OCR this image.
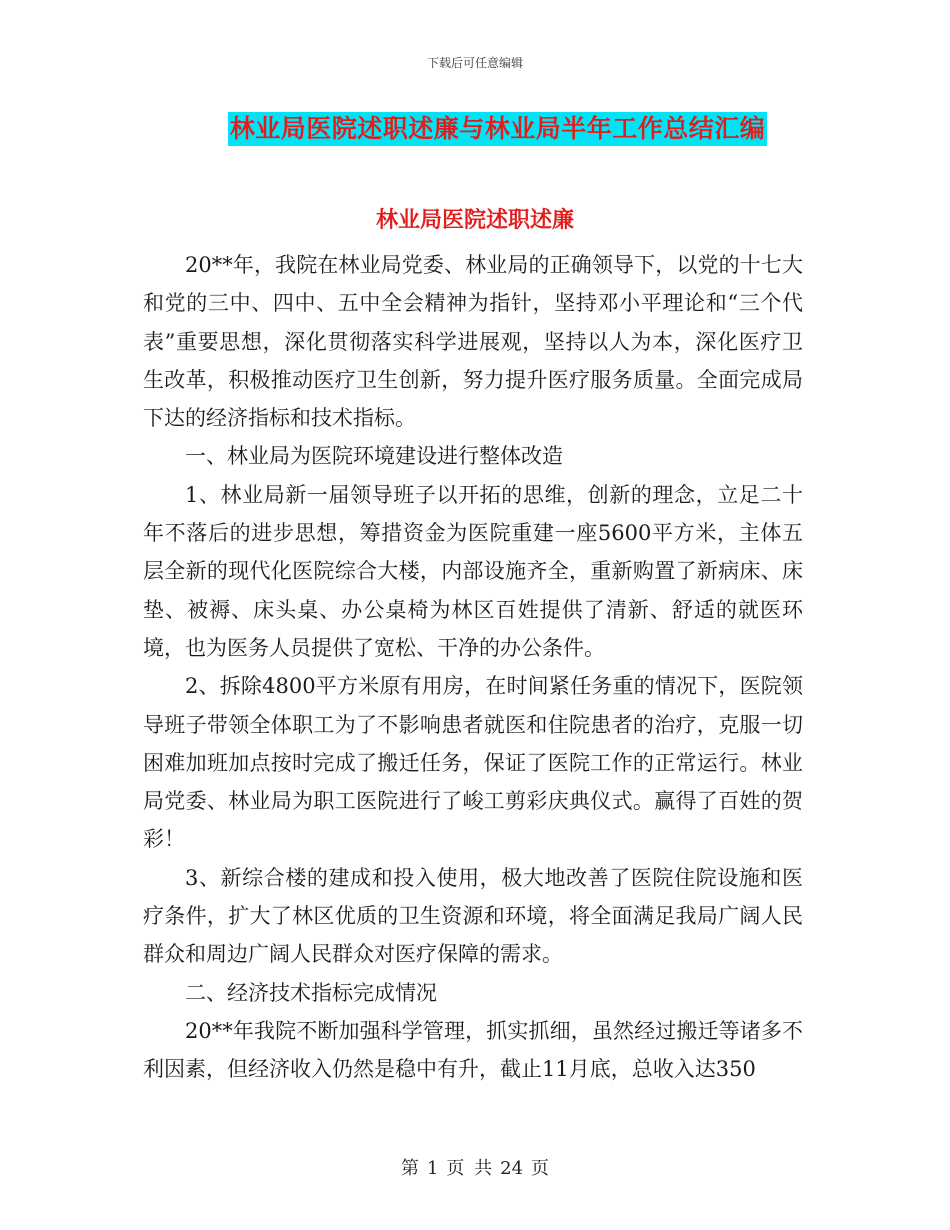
下载后可任意编辑
林业局医院述职述廉与林业局半年工作总结汇编
林业局医院述职述廉

20**年，我院在林业局党委、林业局的正确领导下，以党的十七大和党的三中、四中、五中全会精神为指针，坚持邓小平理论和“三个代表”重要思想，深化贯彻落实科学进展观，坚持以人为本，深化医疗卫生改革，积极推动医疗卫生创新，努力提升医疗服务质量。全面完成局下达的经济指标和技术指标。

一、林业局为医院环境建设进行整体改造

1、林业局新一届领导班子以开拓的思维，创新的理念，立足二十年不落后的进步思想，筹措资金为医院重建一座5600平方米，主体五层全新的现代化医院综合大楼，内部设施齐全，重新购置了新病床、床垫、被褥、床头桌、办公桌椅为林区百姓提供了清新、舒适的就医环境，也为医务人员提供了宽松、干净的办公条件。

2、拆除4800平方米原有用房，在时间紧任务重的情况下，医院领导班子带领全体职工为了不影响患者就医和住院患者的治疗，克服一切困难加班加点按时完成了搬迁任务，保证了医院工作的正常运行。林业局党委、林业局为职工医院进行了峻工剪彩庆典仪式。赢得了百姓的贺彩！

3、新综合楼的建成和投入使用，极大地改善了医院住院设施和医疗条件，扩大了林区优质的卫生资源和环境，将全面满足我局广阔人民群众和周边广阔人民群众对医疗保障的需求。

二、经济技术指标完成情况

20**年我院不断加强科学管理，抓实抓细，虽然经过搬迁等诸多不利因素，但经济收入仍然是稳中有升，截止11月底，总收入达350

第 1 页 共 24 页
